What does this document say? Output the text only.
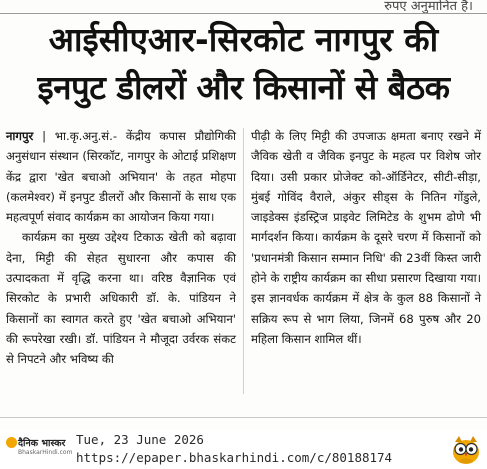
रुपए अनुमानित हैं।
आईसीएआर-सिरकोट नागपुर की
इनपुट डीलरों और किसानों से बैठक

नागपुर | भा.कृ.अनु.सं.- केंद्रीय कपास प्रौद्योगिकी अनुसंधान संस्थान (सिरकॉट, नागपुर के ओटाई प्रशिक्षण केंद्र द्वारा 'खेत बचाओ अभियान' के तहत मोहपा (कलमेश्वर) में इनपुट डीलरों और किसानों के साथ एक महत्वपूर्ण संवाद कार्यक्रम का आयोजन किया गया।

कार्यक्रम का मुख्य उद्देश्य टिकाऊ खेती को बढ़ावा देना, मिट्टी की सेहत सुधारना और कपास की उत्पादकता में वृद्धि करना था। वरिष्ठ वैज्ञानिक एवं सिरकोट के प्रभारी अधिकारी डॉ. के. पांडियन ने किसानों का स्वागत करते हुए 'खेत बचाओ अभियान' की रूपरेखा रखी। डॉ. पांडियन ने मौजूदा उर्वरक संकट से निपटने और भविष्य की

पीढ़ी के लिए मिट्टी की उपजाऊ क्षमता बनाए रखने में जैविक खेती व जैविक इनपुट के महत्व पर विशेष जोर दिया। उसी प्रकार प्रोजेक्ट को-ऑर्डिनेटर, सीटी-सीड़ा, मुंबई गोविंद वैराले, अंकुर सीड्स के नितिन गोंडुले, जाइडेक्स इंडस्ट्रिज प्राइवेट लिमिटेड के शुभम ढोणे भी मार्गदर्शन किया। कार्यक्रम के दूसरे चरण में किसानों को 'प्रधानमंत्री किसान सम्मान निधि' की 23वीं किस्त जारी होने के राष्ट्रीय कार्यक्रम का सीधा प्रसारण दिखाया गया। इस ज्ञानवर्धक कार्यक्रम में क्षेत्र के कुल 88 किसानों ने सक्रिय रूप से भाग लिया, जिनमें 68 पुरुष और 20 महिला किसान शामिल थीं।

दैनिक भास्कर
BhaskarHindi.com
Tue, 23 June 2026
https://epaper.bhaskarhindi.com/c/80188174
